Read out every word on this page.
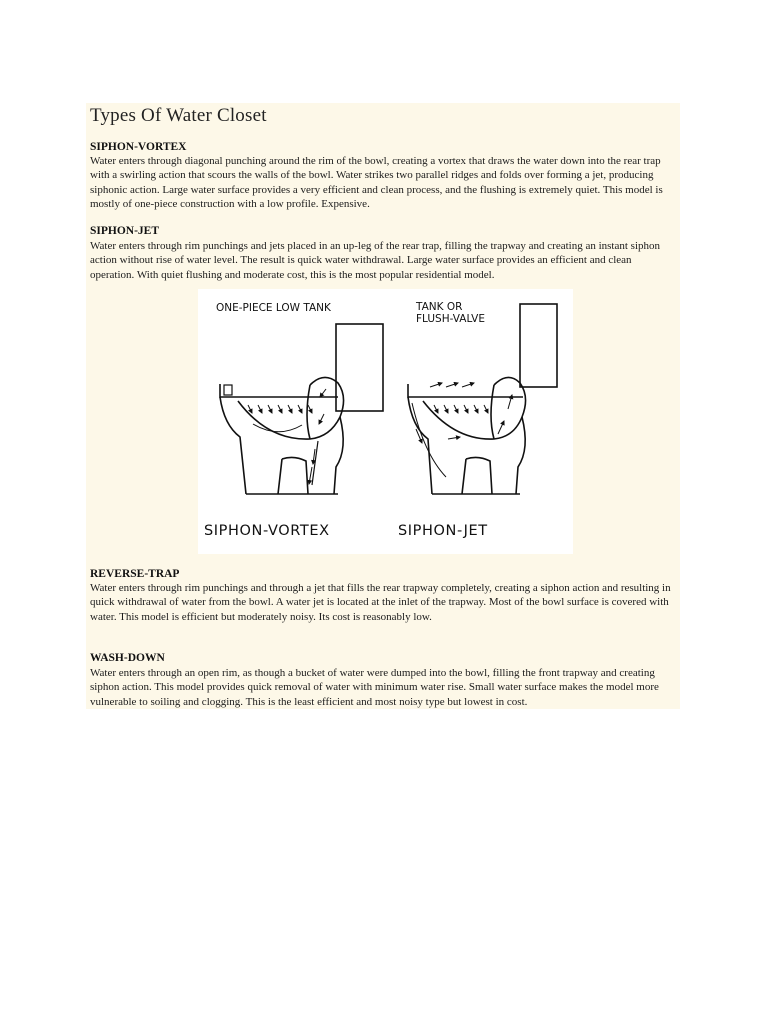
Types Of Water Closet
SIPHON-VORTEX

Water enters through diagonal punching around the rim of the bowl, creating a vortex that draws the water down into the rear trap with a swirling action that scours the walls of the bowl. Water strikes two parallel ridges and folds over forming a jet, producing siphonic action. Large water surface provides a very efficient and clean process, and the flushing is extremely quiet. This model is mostly of one-piece construction with a low profile. Expensive.

SIPHON-JET

Water enters through rim punchings and jets placed in an up-leg of the rear trap, filling the trapway and creating an instant siphon action without rise of water level. The result is quick water withdrawal. Large water surface provides an efficient and clean operation. With quiet flushing and moderate cost, this is the most popular residential model.

ONE-PIECE LOW TANK	TANK OR
FLUSH-VALVE
SIPHON-VORTEX	SIPHON-JET
REVERSE-TRAP

Water enters through rim punchings and through a jet that fills the rear trapway completely, creating a siphon action and resulting in quick withdrawal of water from the bowl. A water jet is located at the inlet of the trapway. Most of the bowl surface is covered with water. This model is efficient but moderately noisy. Its cost is reasonably low.

WASH-DOWN

Water enters through an open rim, as though a bucket of water were dumped into the bowl, filling the front trapway and creating siphon action. This model provides quick removal of water with minimum water rise. Small water surface makes the model more vulnerable to soiling and clogging. This is the least efficient and most noisy type but lowest in cost.
